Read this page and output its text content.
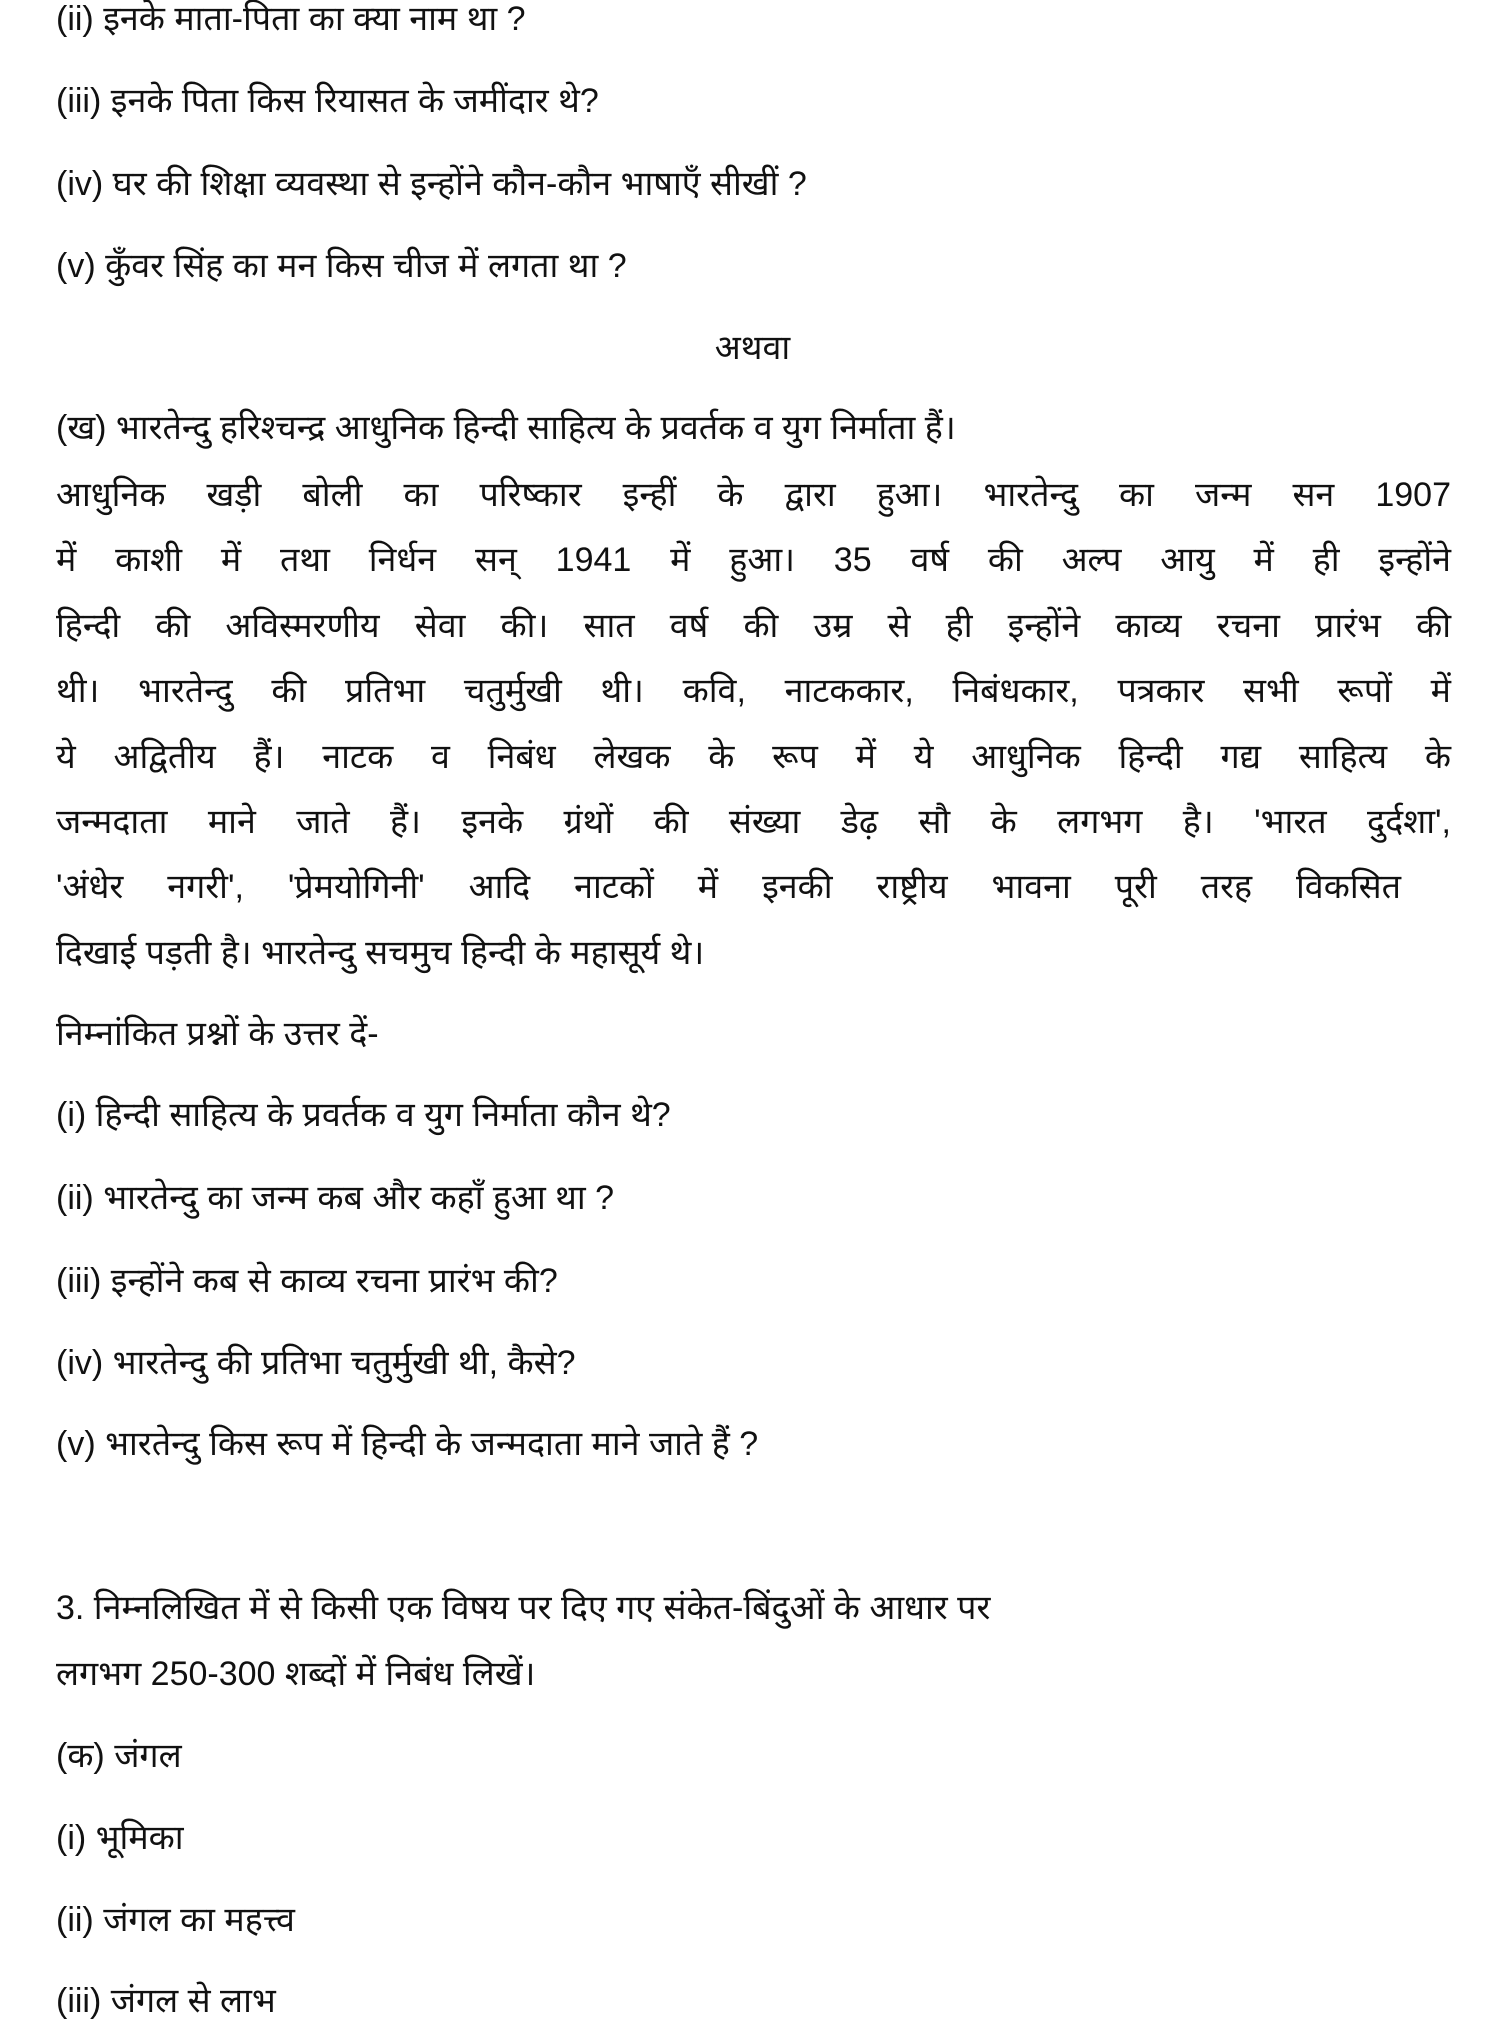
(ii) इनके माता-पिता का क्या नाम था ?
(iii) इनके पिता किस रियासत के जमींदार थे?
(iv) घर की शिक्षा व्यवस्था से इन्होंने कौन-कौन भाषाएँ सीखीं ?
(v) कुँवर सिंह का मन किस चीज में लगता था ?
अथवा
(ख) भारतेन्दु हरिश्चन्द्र आधुनिक हिन्दी साहित्य के प्रवर्तक व युग निर्माता हैं।
आधुनिक खड़ी बोली का परिष्कार इन्हीं के द्वारा हुआ। भारतेन्दु का जन्म सन 1907
में काशी में तथा निर्धन सन् 1941 में हुआ। 35 वर्ष की अल्प आयु में ही इन्होंने
हिन्दी की अविस्मरणीय सेवा की। सात वर्ष की उम्र से ही इन्होंने काव्य रचना प्रारंभ की
थी। भारतेन्दु की प्रतिभा चतुर्मुखी थी। कवि, नाटककार, निबंधकार, पत्रकार सभी रूपों में
ये अद्वितीय हैं। नाटक व निबंध लेखक के रूप में ये आधुनिक हिन्दी गद्य साहित्य के
जन्मदाता माने जाते हैं। इनके ग्रंथों की संख्या डेढ़ सौ के लगभग है। 'भारत दुर्दशा',
'अंधेर नगरी', 'प्रेमयोगिनी' आदि नाटकों में इनकी राष्ट्रीय भावना पूरी तरह विकसित
दिखाई पड़ती है। भारतेन्दु सचमुच हिन्दी के महासूर्य थे।
निम्नांकित प्रश्नों के उत्तर दें-
(i) हिन्दी साहित्य के प्रवर्तक व युग निर्माता कौन थे?
(ii) भारतेन्दु का जन्म कब और कहाँ हुआ था ?
(iii) इन्होंने कब से काव्य रचना प्रारंभ की?
(iv) भारतेन्दु की प्रतिभा चतुर्मुखी थी, कैसे?
(v) भारतेन्दु किस रूप में हिन्दी के जन्मदाता माने जाते हैं ?
3. निम्नलिखित में से किसी एक विषय पर दिए गए संकेत-बिंदुओं के आधार पर
लगभग 250-300 शब्दों में निबंध लिखें।
(क) जंगल
(i) भूमिका
(ii) जंगल का महत्त्व
(iii) जंगल से लाभ
